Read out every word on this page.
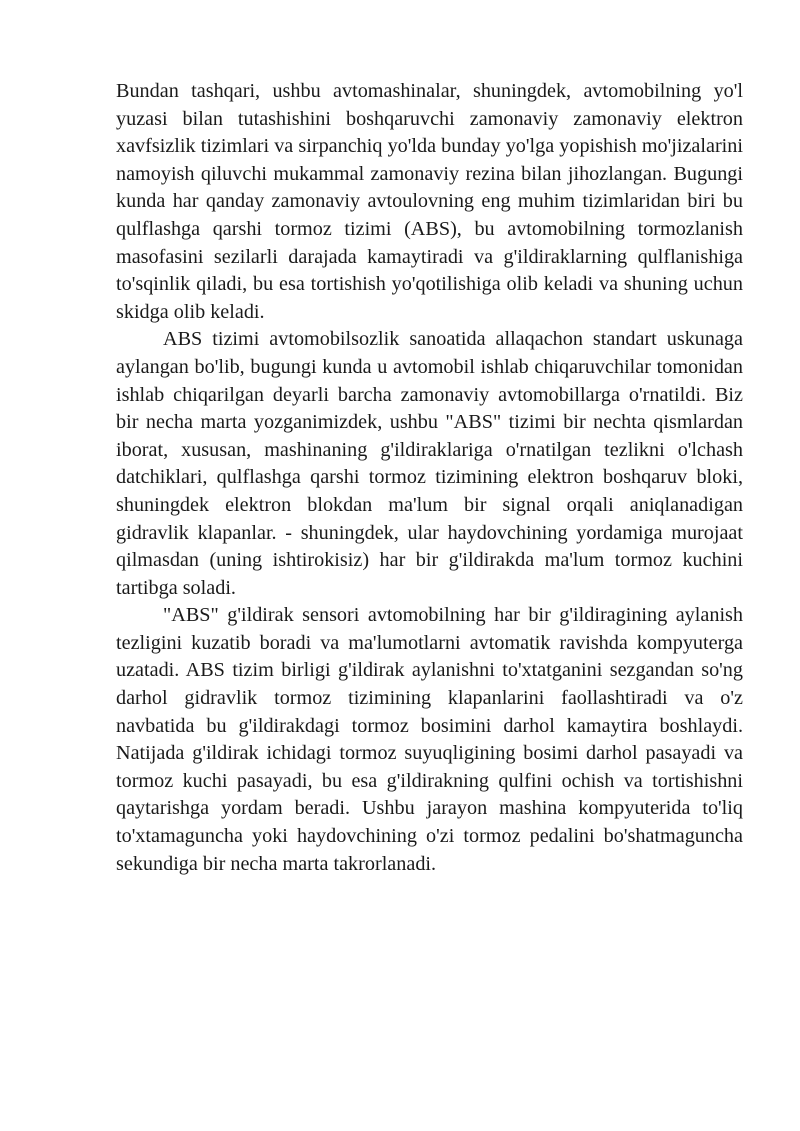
Bundan tashqari, ushbu avtomashinalar, shuningdek, avtomobilning yo'l yuzasi bilan tutashishini boshqaruvchi zamonaviy zamonaviy elektron xavfsizlik tizimlari va sirpanchiq yo'lda bunday yo'lga yopishish mo'jizalarini namoyish qiluvchi mukammal zamonaviy rezina bilan jihozlangan. Bugungi kunda har qanday zamonaviy avtoulovning eng muhim tizimlaridan biri bu qulflashga qarshi tormoz tizimi (ABS), bu avtomobilning tormozlanish masofasini sezilarli darajada kamaytiradi va g'ildiraklarning qulflanishiga to'sqinlik qiladi, bu esa tortishish yo'qotilishiga olib keladi va shuning uchun skidga olib keladi.

ABS tizimi avtomobilsozlik sanoatida allaqachon standart uskunaga aylangan bo'lib, bugungi kunda u avtomobil ishlab chiqaruvchilar tomonidan ishlab chiqarilgan deyarli barcha zamonaviy avtomobillarga o'rnatildi. Biz bir necha marta yozganimizdek, ushbu "ABS" tizimi bir nechta qismlardan iborat, xususan, mashinaning g'ildiraklariga o'rnatilgan tezlikni o'lchash datchiklari, qulflashga qarshi tormoz tizimining elektron boshqaruv bloki, shuningdek elektron blokdan ma'lum bir signal orqali aniqlanadigan gidravlik klapanlar. - shuningdek, ular haydovchining yordamiga murojaat qilmasdan (uning ishtirokisiz) har bir g'ildirakda ma'lum tormoz kuchini tartibga soladi.

"ABS" g'ildirak sensori avtomobilning har bir g'ildiragining aylanish tezligini kuzatib boradi va ma'lumotlarni avtomatik ravishda kompyuterga uzatadi. ABS tizim birligi g'ildirak aylanishni to'xtatganini sezgandan so'ng darhol gidravlik tormoz tizimining klapanlarini faollashtiradi va o'z navbatida bu g'ildirakdagi tormoz bosimini darhol kamaytira boshlaydi. Natijada g'ildirak ichidagi tormoz suyuqligining bosimi darhol pasayadi va tormoz kuchi pasayadi, bu esa g'ildirakning qulfini ochish va tortishishni qaytarishga yordam beradi. Ushbu jarayon mashina kompyuterida to'liq to'xtamaguncha yoki haydovchining o'zi tormoz pedalini bo'shatmaguncha sekundiga bir necha marta takrorlanadi.
